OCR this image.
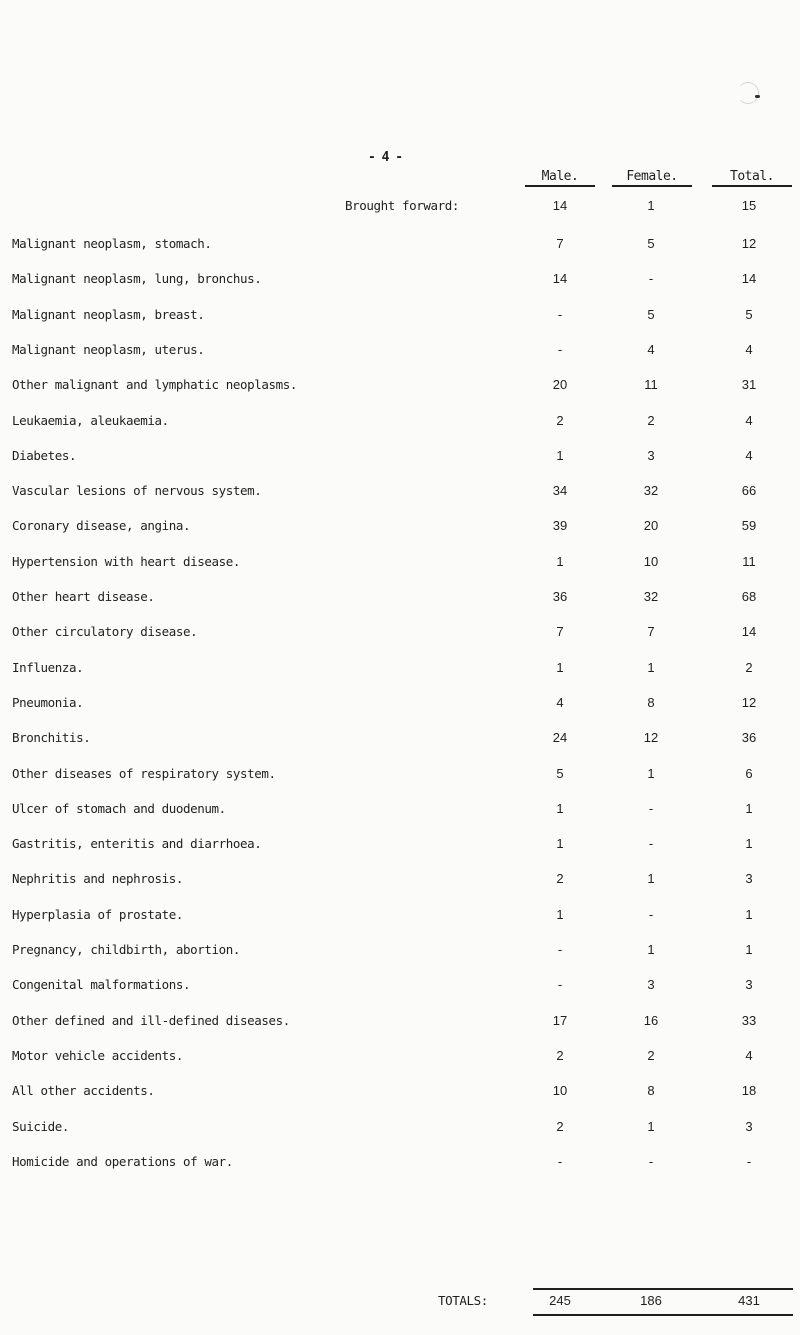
- 4 -
Male.	Female.	Total.
Brought forward:	14	1	15
Malignant neoplasm, stomach.	7	5	12
Malignant neoplasm, lung, bronchus.	14	-	14
Malignant neoplasm, breast.	-	5	5
Malignant neoplasm, uterus.	-	4	4
Other malignant and lymphatic neoplasms.	20	11	31
Leukaemia, aleukaemia.	2	2	4
Diabetes.	1	3	4
Vascular lesions of nervous system.	34	32	66
Coronary disease, angina.	39	20	59
Hypertension with heart disease.	1	10	11
Other heart disease.	36	32	68
Other circulatory disease.	7	7	14
Influenza.	1	1	2
Pneumonia.	4	8	12
Bronchitis.	24	12	36
Other diseases of respiratory system.	5	1	6
Ulcer of stomach and duodenum.	1	-	1
Gastritis, enteritis and diarrhoea.	1	-	1
Nephritis and nephrosis.	2	1	3
Hyperplasia of prostate.	1	-	1
Pregnancy, childbirth, abortion.	-	1	1
Congenital malformations.	-	3	3
Other defined and ill-defined diseases.	17	16	33
Motor vehicle accidents.	2	2	4
All other accidents.	10	8	18
Suicide.	2	1	3
Homicide and operations of war.	-	-	-
TOTALS:	245	186	431
